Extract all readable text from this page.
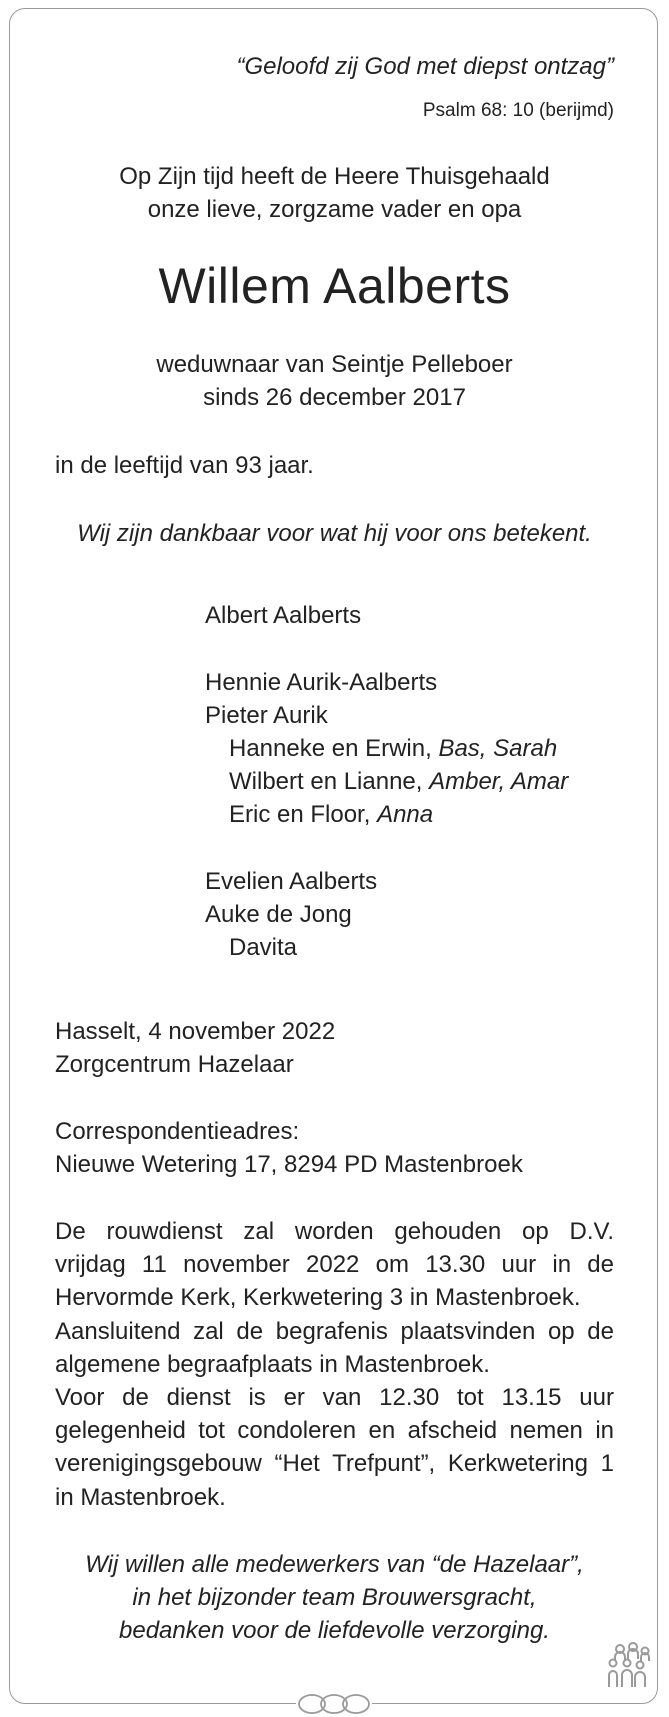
“Geloofd zij God met diepst ontzag”
Psalm 68: 10 (berijmd)
Op Zijn tijd heeft de Heere Thuisgehaald
onze lieve, zorgzame vader en opa
Willem Aalberts
weduwnaar van Seintje Pelleboer
sinds 26 december 2017
in de leeftijd van 93 jaar.
Wij zijn dankbaar voor wat hij voor ons betekent.
Albert Aalberts
Hennie Aurik-Aalberts
Pieter Aurik
Hanneke en Erwin, Bas, Sarah
Wilbert en Lianne, Amber, Amar
Eric en Floor, Anna
Evelien Aalberts
Auke de Jong
Davita
Hasselt, 4 november 2022
Zorgcentrum Hazelaar
Correspondentieadres:
Nieuwe Wetering 17, 8294 PD Mastenbroek
De rouwdienst zal worden gehouden op D.V.
vrijdag 11 november 2022 om 13.30 uur in de
Hervormde Kerk, Kerkwetering 3 in Mastenbroek.
Aansluitend zal de begrafenis plaatsvinden op de
algemene begraafplaats in Mastenbroek.
Voor de dienst is er van 12.30 tot 13.15 uur
gelegenheid tot condoleren en afscheid nemen in
verenigingsgebouw “Het Trefpunt”, Kerkwetering 1
in Mastenbroek.
Wij willen alle medewerkers van “de Hazelaar”,
in het bijzonder team Brouwersgracht,
bedanken voor de liefdevolle verzorging.
